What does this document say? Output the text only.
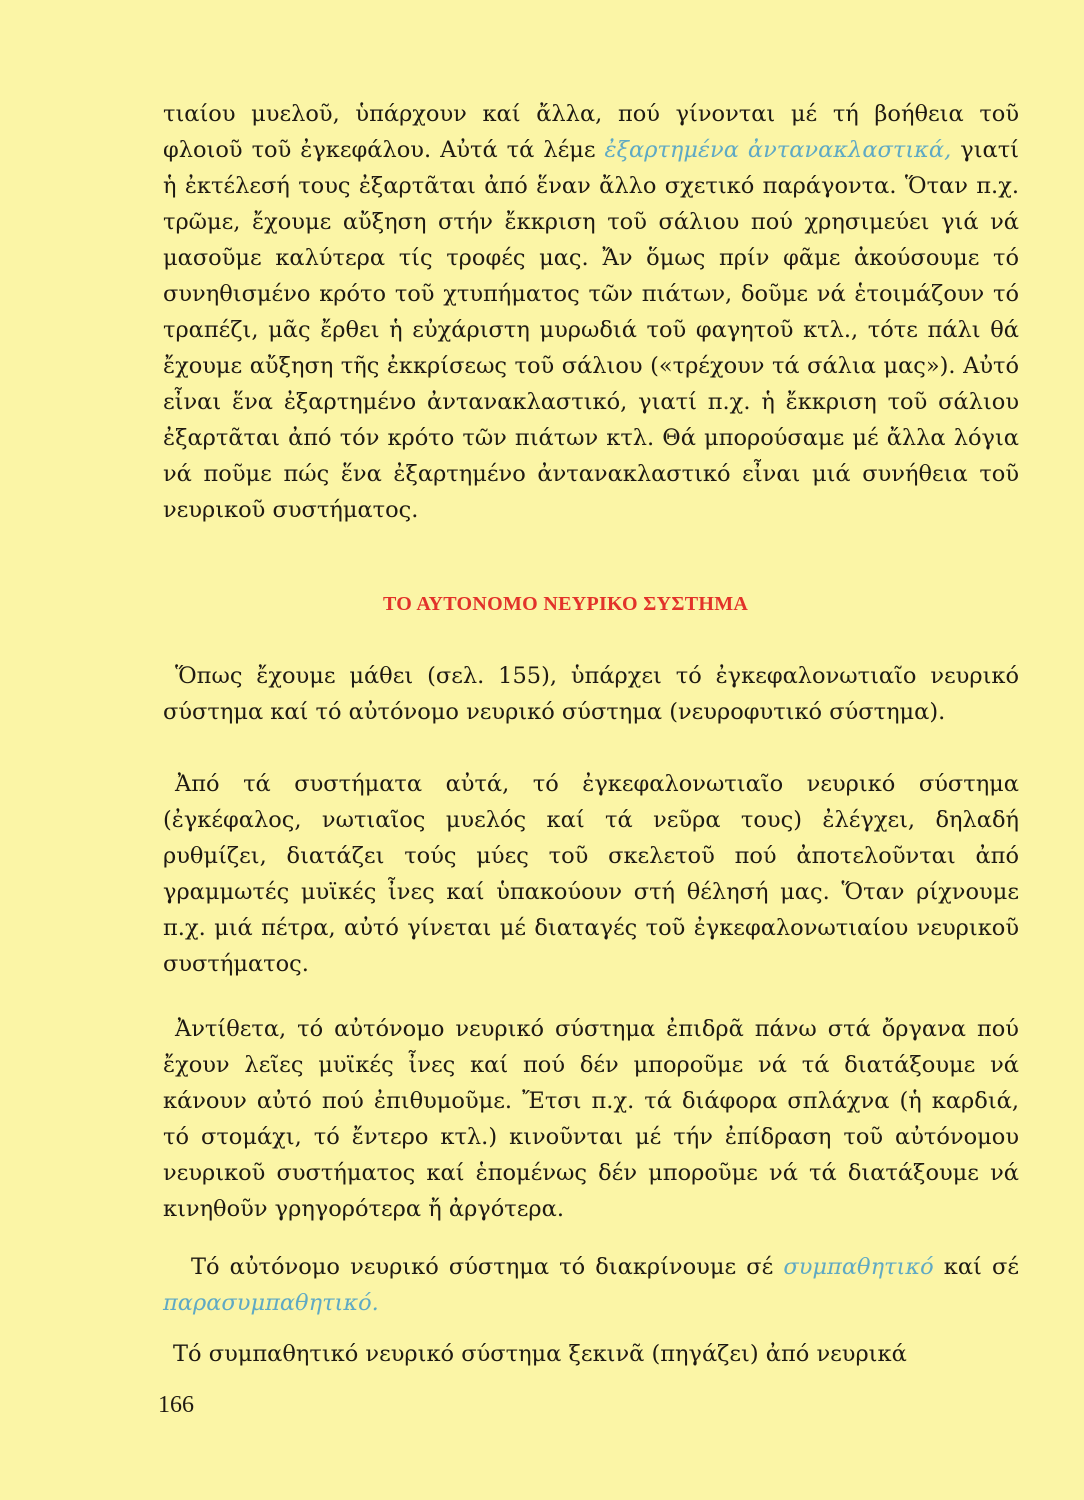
τιαίου μυελοῦ, ὑπάρχουν καί ἄλλα, πού γίνονται μέ τή βοήθεια τοῦ φλοιοῦ τοῦ ἐγκεφάλου. Αὐτά τά λέμε ἐξαρτημένα ἀντανακλαστικά, γιατί ἡ ἐκτέλεσή τους ἐξαρτᾶται ἀπό ἕναν ἄλλο σχετικό παράγοντα. Ὅταν π.χ. τρῶμε, ἔχουμε αὔξηση στήν ἔκκριση τοῦ σάλιου πού χρησιμεύει γιά νά μασοῦμε καλύτερα τίς τροφές μας. Ἄν ὅμως πρίν φᾶμε ἀκούσουμε τό συνηθισμένο κρότο τοῦ χτυπήματος τῶν πιάτων, δοῦμε νά ἑτοιμάζουν τό τραπέζι, μᾶς ἔρθει ἡ εὐχάριστη μυρωδιά τοῦ φαγητοῦ κτλ., τότε πάλι θά ἔχουμε αὔξηση τῆς ἐκκρίσεως τοῦ σάλιου («τρέχουν τά σάλια μας»). Αὐτό εἶναι ἕνα ἐξαρτημένο ἀντανακλαστικό, γιατί π.χ. ἡ ἔκκριση τοῦ σάλιου ἐξαρτᾶται ἀπό τόν κρότο τῶν πιάτων κτλ. Θά μπορούσαμε μέ ἄλλα λόγια νά ποῦμε πώς ἕνα ἐξαρτημένο ἀντανακλαστικό εἶναι μιά συνήθεια τοῦ νευρικοῦ συστήματος.

ΤΟ ΑΥΤΟΝΟΜΟ ΝΕΥΡΙΚΟ ΣΥΣΤΗΜΑ

Ὅπως ἔχουμε μάθει (σελ. 155), ὑπάρχει τό ἐγκεφαλονωτιαῖο νευρικό σύστημα καί τό αὐτόνομο νευρικό σύστημα (νευροφυτικό σύστημα).

Ἀπό τά συστήματα αὐτά, τό ἐγκεφαλονωτιαῖο νευρικό σύστημα (ἐγκέφαλος, νωτιαῖος μυελός καί τά νεῦρα τους) ἐλέγχει, δηλαδή ρυθμίζει, διατάζει τούς μύες τοῦ σκελετοῦ πού ἀποτελοῦνται ἀπό γραμμωτές μυϊκές ἶνες καί ὑπακούουν στή θέλησή μας. Ὅταν ρίχνουμε π.χ. μιά πέτρα, αὐτό γίνεται μέ διαταγές τοῦ ἐγκεφαλονωτιαίου νευρικοῦ συστήματος.

Ἀντίθετα, τό αὐτόνομο νευρικό σύστημα ἐπιδρᾶ πάνω στά ὄργανα πού ἔχουν λεῖες μυϊκές ἶνες καί πού δέν μποροῦμε νά τά διατάξουμε νά κάνουν αὐτό πού ἐπιθυμοῦμε. Ἔτσι π.χ. τά διάφορα σπλάχνα (ἡ καρδιά, τό στομάχι, τό ἔντερο κτλ.) κινοῦνται μέ τήν ἐπίδραση τοῦ αὐτόνομου νευρικοῦ συστήματος καί ἑπομένως δέν μποροῦμε νά τά διατάξουμε νά κινηθοῦν γρηγορότερα ἤ ἀργότερα.

Τό αὐτόνομο νευρικό σύστημα τό διακρίνουμε σέ συμπαθητικό καί σέ παρασυμπαθητικό.

Τό συμπαθητικό νευρικό σύστημα ξεκινᾶ (πηγάζει) ἀπό νευρικά

166
